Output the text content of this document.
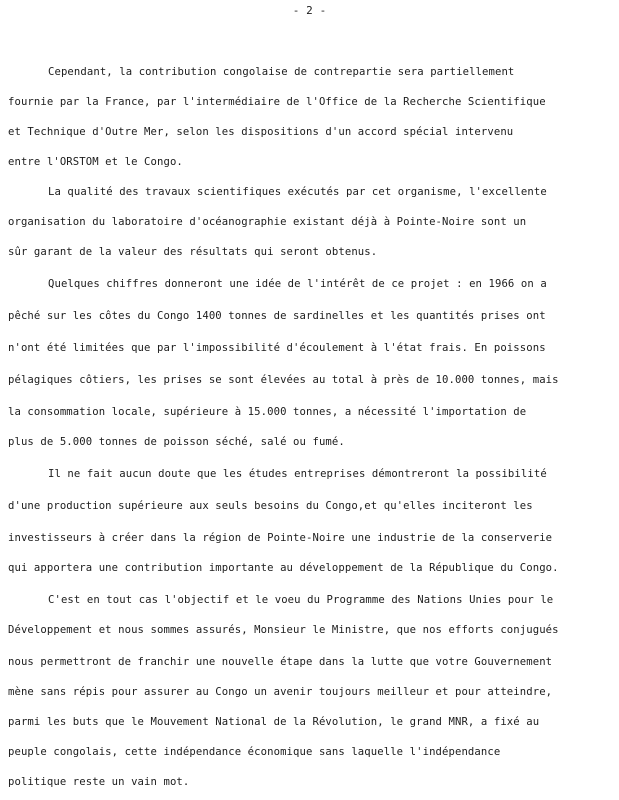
- 2 -
Cependant, la contribution congolaise de contrepartie sera partiellement
fournie par la France, par l'intermédiaire de l'Office de la Recherche Scientifique
et Technique d'Outre Mer, selon les dispositions d'un accord spécial intervenu
entre l'ORSTOM et le Congo.
La qualité des travaux scientifiques exécutés par cet organisme, l'excellente
organisation du laboratoire d'océanographie existant déjà à Pointe-Noire sont un
sûr garant de la valeur des résultats qui seront obtenus.
Quelques chiffres donneront une idée de l'intérêt de ce projet : en 1966 on a
pêché sur les côtes du Congo 1400 tonnes de sardinelles et les quantités prises ont
n'ont été limitées que par l'impossibilité d'écoulement à l'état frais. En poissons
pélagiques côtiers, les prises se sont élevées au total à près de 10.000 tonnes, mais
la consommation locale, supérieure à 15.000 tonnes, a nécessité l'importation de
plus de 5.000 tonnes de poisson séché, salé ou fumé.
Il ne fait aucun doute que les études entreprises démontreront la possibilité
d'une production supérieure aux seuls besoins du Congo,et qu'elles inciteront les
investisseurs à créer dans la région de Pointe-Noire une industrie de la conserverie
qui apportera une contribution importante au développement de la République du Congo.
C'est en tout cas l'objectif et le voeu du Programme des Nations Unies pour le
Développement et nous sommes assurés, Monsieur le Ministre, que nos efforts conjugués
nous permettront de franchir une nouvelle étape dans la lutte que votre Gouvernement
mène sans répis pour assurer au Congo un avenir toujours meilleur et pour atteindre,
parmi les buts que le Mouvement National de la Révolution, le grand MNR, a fixé au
peuple congolais, cette indépendance économique sans laquelle l'indépendance
politique reste un vain mot.
